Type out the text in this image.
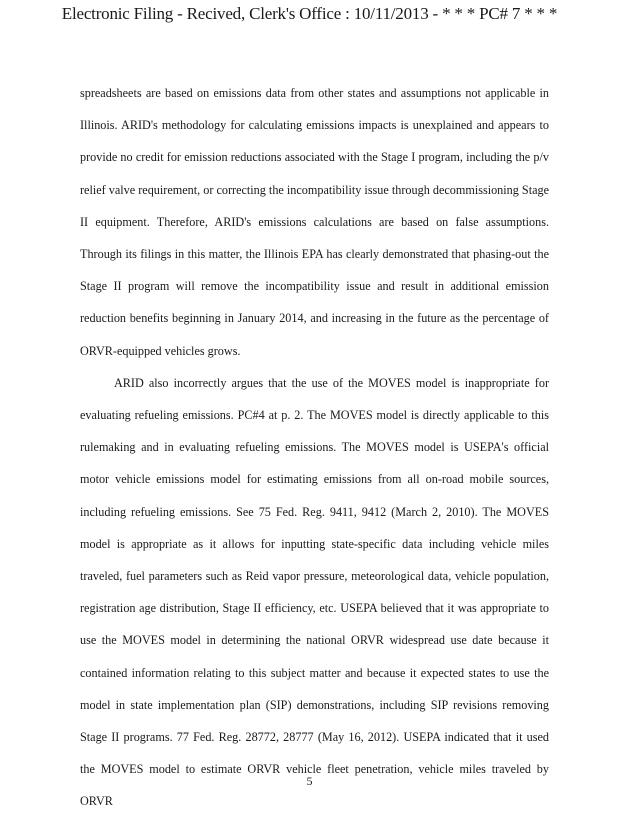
Electronic Filing - Recived, Clerk's Office : 10/11/2013 - * * * PC# 7 * * *

spreadsheets are based on emissions data from other states and assumptions not applicable in Illinois. ARID's methodology for calculating emissions impacts is unexplained and appears to provide no credit for emission reductions associated with the Stage I program, including the p/v relief valve requirement, or correcting the incompatibility issue through decommissioning Stage II equipment. Therefore, ARID's emissions calculations are based on false assumptions. Through its filings in this matter, the Illinois EPA has clearly demonstrated that phasing-out the Stage II program will remove the incompatibility issue and result in additional emission reduction benefits beginning in January 2014, and increasing in the future as the percentage of ORVR-equipped vehicles grows.

ARID also incorrectly argues that the use of the MOVES model is inappropriate for evaluating refueling emissions. PC#4 at p. 2. The MOVES model is directly applicable to this rulemaking and in evaluating refueling emissions. The MOVES model is USEPA's official motor vehicle emissions model for estimating emissions from all on-road mobile sources, including refueling emissions. See 75 Fed. Reg. 9411, 9412 (March 2, 2010). The MOVES model is appropriate as it allows for inputting state-specific data including vehicle miles traveled, fuel parameters such as Reid vapor pressure, meteorological data, vehicle population, registration age distribution, Stage II efficiency, etc. USEPA believed that it was appropriate to use the MOVES model in determining the national ORVR widespread use date because it contained information relating to this subject matter and because it expected states to use the model in state implementation plan (SIP) demonstrations, including SIP revisions removing Stage II programs. 77 Fed. Reg. 28772, 28777 (May 16, 2012). USEPA indicated that it used the MOVES model to estimate ORVR vehicle fleet penetration, vehicle miles traveled by ORVR

5
